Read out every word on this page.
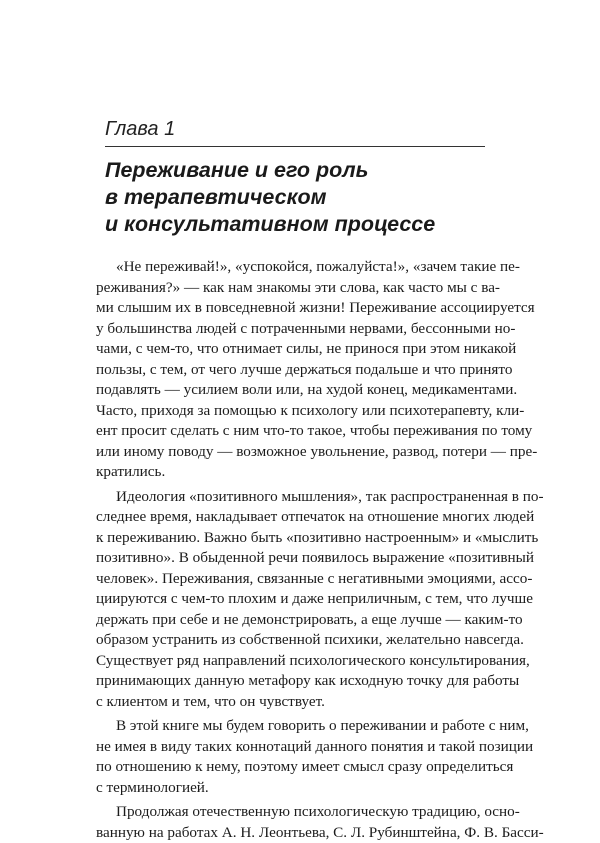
Глава 1
Переживание и его роль
в терапевтическом
и консультативном процессе
«Не переживай!», «успокойся, пожалуйста!», «зачем такие пе-
реживания?» — как нам знакомы эти слова, как часто мы с ва-
ми слышим их в повседневной жизни! Переживание ассоциируется
у большинства людей с потраченными нервами, бессонными но-
чами, с чем-то, что отнимает силы, не принося при этом никакой
пользы, с тем, от чего лучше держаться подальше и что принято
подавлять — усилием воли или, на худой конец, медикаментами.
Часто, приходя за помощью к психологу или психотерапевту, кли-
ент просит сделать с ним что-то такое, чтобы переживания по тому
или иному поводу — возможное увольнение, развод, потери — пре-
кратились.
Идеология «позитивного мышления», так распространенная в по-
следнее время, накладывает отпечаток на отношение многих людей
к переживанию. Важно быть «позитивно настроенным» и «мыслить
позитивно». В обыденной речи появилось выражение «позитивный
человек». Переживания, связанные с негативными эмоциями, ассо-
циируются с чем-то плохим и даже неприличным, с тем, что лучше
держать при себе и не демонстрировать, а еще лучше — каким-то
образом устранить из собственной психики, желательно навсегда.
Существует ряд направлений психологического консультирования,
принимающих данную метафору как исходную точку для работы
с клиентом и тем, что он чувствует.
В этой книге мы будем говорить о переживании и работе с ним,
не имея в виду таких коннотаций данного понятия и такой позиции
по отношению к нему, поэтому имеет смысл сразу определиться
с терминологией.
Продолжая отечественную психологическую традицию, осно-
ванную на работах А. Н. Леонтьева, С. Л. Рубинштейна, Ф. В. Басси-
